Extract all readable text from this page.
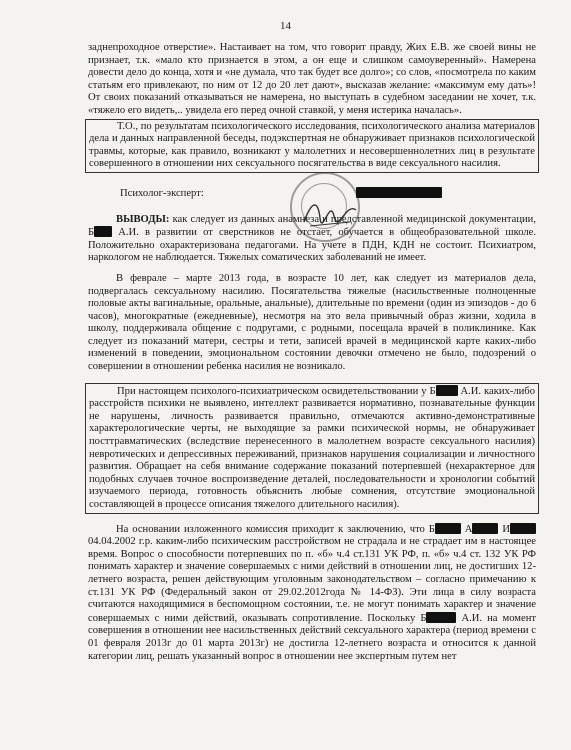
14

заднепроходное отверстие». Настаивает на том, что говорит правду, Жих Е.В. же своей вины не признает, т.к. «мало кто признается в этом, а он еще и слишком самоуверенный». Намерена довести дело до конца, хотя и «не думала, что так будет все долго»; со слов, «посмотрела по каким статьям его привлекают, по ним от 12 до 20 лет дают», высказав желание: «максимум ему дать»! От своих показаний отказываться не намерена, но выступать в судебном заседании не хочет, т.к. «тяжело его видеть,.. увидела его перед очной ставкой, у меня истерика началась».

Т.О., по результатам психологического исследования, психологического анализа материалов дела и данных направленной беседы, подэкспертная не обнаруживает признаков психологической травмы, которые, как правило, возникают у малолетних и несовершеннолетних лиц в результате совершенного в отношении них сексуального посягательства в виде сексуального насилия.

Психолог-эксперт:

ВЫВОДЫ: как следует из данных анамнеза и представленной медицинской документации, Б А.И. в развитии от сверстников не отстает, обучается в общеобразовательной школе. Положительно охарактеризована педагогами. На учете в ПДН, КДН не состоит. Психиатром, наркологом не наблюдается. Тяжелых соматических заболеваний не имеет.

В феврале – марте 2013 года, в возрасте 10 лет, как следует из материалов дела, подвергалась сексуальному насилию. Посягательства тяжелые (насильственные полноценные половые акты вагинальные, оральные, анальные), длительные по времени (один из эпизодов - до 6 часов), многократные (ежедневные), несмотря на это вела привычный образ жизни, ходила в школу, поддерживала общение с подругами, с родными, посещала врачей в поликлинике. Как следует из показаний матери, сестры и тети, записей врачей в медицинской карте каких-либо изменений в поведении, эмоциональном состоянии девочки отмечено не было, подозрений о совершении в отношении ребенка насилия не возникало.

При настоящем психолого-психиатрическом освидетельствовании у Б А.И. каких-либо расстройств психики не выявлено, интеллект развивается нормативно, познавательные функции не нарушены, личность развивается правильно, отмечаются активно-демонстративные характерологические черты, не выходящие за рамки психической нормы, не обнаруживает посттравматических (вследствие перенесенного в малолетнем возрасте сексуального насилия) невротических и депрессивных переживаний, признаков нарушения социализации и личностного развития. Обращает на себя внимание содержание показаний потерпевшей (нехарактерное для подобных случаев точное воспроизведение деталей, последовательности и хронологии событий изучаемого периода, готовность объяснить любые сомнения, отсутствие эмоциональной составляющей в процессе описания тяжелого длительного насилия).

На основании изложенного комиссия приходит к заключению, что Б А И 04.04.2002 г.р. каким-либо психическим расстройством не страдала и не страдает им в настоящее время. Вопрос о способности потерпевших по п. «б» ч.4 ст.131 УК РФ, п. «б» ч.4 ст. 132 УК РФ понимать характер и значение совершаемых с ними действий в отношении лиц, не достигших 12-летнего возраста, решен действующим уголовным законодательством – согласно примечанию к ст.131 УК РФ (Федеральный закон от 29.02.2012года № 14-ФЗ). Эти лица в силу возраста считаются находящимися в беспомощном состоянии, т.е. не могут понимать характер и значение совершаемых с ними действий, оказывать сопротивление. Поскольку Б	А.И. на момент совершения в отношении нее насильственных действий сексуального характера (период времени с 01 февраля 2013г до 01 марта 2013г) не достигла 12-летнего возраста и относится к данной категории лиц, решать указанный вопрос в отношении нее экспертным путем нет
